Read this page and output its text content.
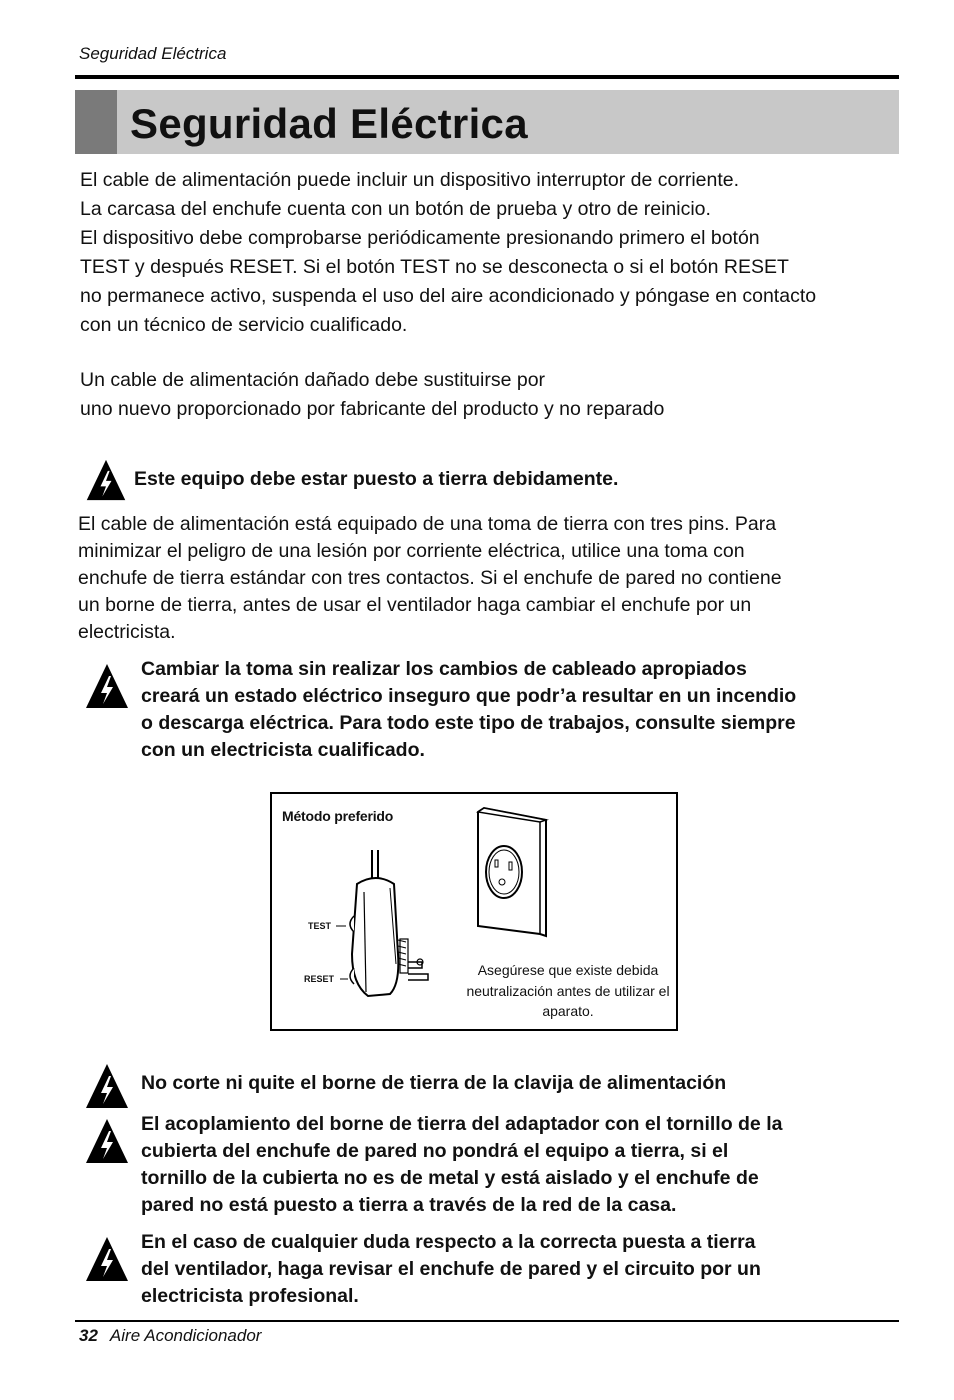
Seguridad Eléctrica
Seguridad Eléctrica
El cable de alimentación puede incluir un dispositivo interruptor de corriente.
La carcasa del enchufe cuenta con un botón de prueba y otro de reinicio.
El dispositivo debe comprobarse periódicamente presionando primero el botón
TEST y después RESET. Si el botón TEST no se desconecta o si el botón RESET
no permanece activo, suspenda el uso del aire acondicionado y póngase en contacto
con un técnico de servicio cualificado.
Un cable de alimentación dañado debe sustituirse por
uno nuevo proporcionado por fabricante del producto y no reparado
Este equipo debe estar puesto a tierra debidamente.
El cable de alimentación está equipado de una toma de tierra con tres pins. Para
minimizar el peligro de una lesión por corriente eléctrica, utilice una toma con
enchufe de tierra estándar con tres contactos. Si el enchufe de pared no contiene
un borne de tierra, antes de usar el ventilador haga cambiar el enchufe por un
electricista.
Cambiar la toma sin realizar los cambios de cableado apropiados
creará un estado eléctrico inseguro que podr’a resultar en un incendio
o descarga eléctrica. Para todo este tipo de trabajos, consulte siempre
con un electricista cualificado.
Método preferido
TEST
RESET
Asegúrese que existe debida
neutralización antes de utilizar el
aparato.
No corte ni quite el borne de tierra de la clavija de alimentación
El acoplamiento del borne de tierra del adaptador con el tornillo de la
cubierta del enchufe de pared no pondrá el equipo a tierra, si el
tornillo de la cubierta no es de metal y está aislado y el enchufe de
pared no está puesto a tierra a través de la red de la casa.
En el caso de cualquier duda respecto a la correcta puesta a tierra
del ventilador, haga revisar el enchufe de pared y el circuito por un
electricista profesional.
32 Aire Acondicionador
